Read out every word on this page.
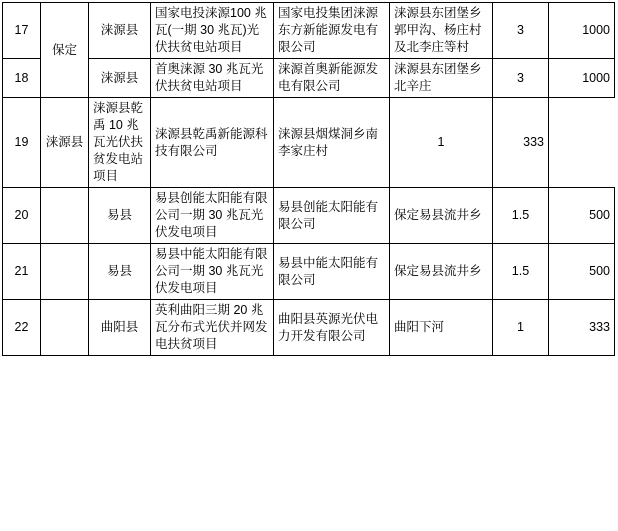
17	保定	涞源县	国家电投涞源100 兆瓦(一期 30 兆瓦)光伏扶贫电站项目	国家电投集团涞源东方新能源发电有限公司	涞源县东团堡乡郭甲沟、杨庄村及北李庄等村	3	1000

18		涞源县	首奥涞源 30 兆瓦光伏扶贫电站项目	涞源首奥新能源发电有限公司	涞源县东团堡乡北辛庄	3	1000

19	涞源县	涞源县乾禹 10 兆瓦光伏扶贫发电站项目	涞源县乾禹新能源科技有限公司	涞源县烟煤洞乡南李家庄村	1	333	

20		易县	易县创能太阳能有限公司一期 30 兆瓦光伏发电项目	易县创能太阳能有限公司	保定易县流井乡	1.5	500

21		易县	易县中能太阳能有限公司一期 30 兆瓦光伏发电项目	易县中能太阳能有限公司	保定易县流井乡	1.5	500

22		曲阳县	英利曲阳三期 20 兆瓦分布式光伏并网发电扶贫项目	曲阳县英源光伏电力开发有限公司	曲阳下河	1	333
